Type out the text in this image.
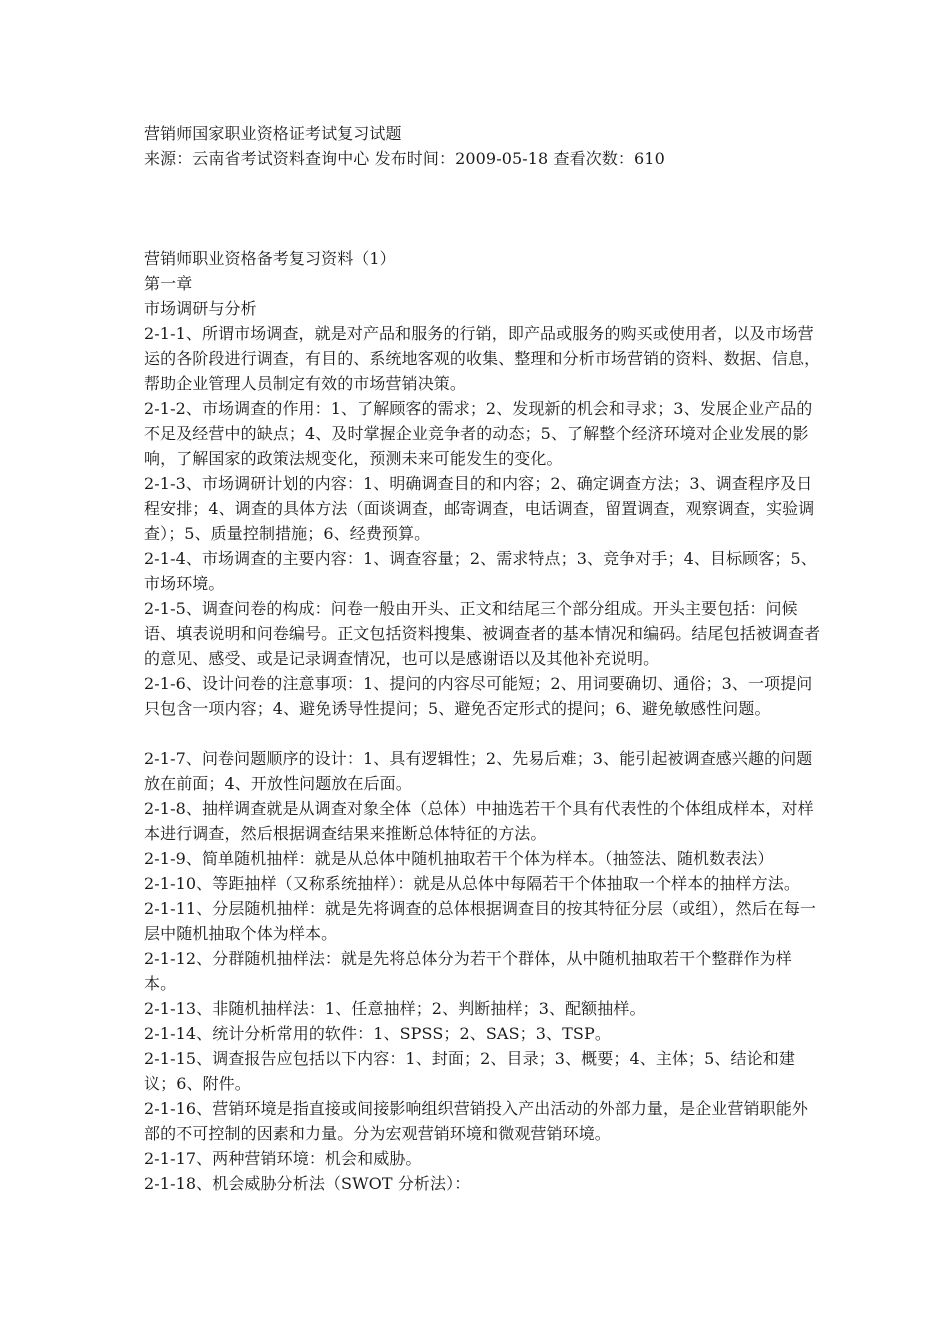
营销师国家职业资格证考试复习试题

来源：云南省考试资料查询中心 发布时间：2009-05-18 查看次数：610

营销师职业资格备考复习资料（1）

第一章

市场调研与分析

2-1-1、所谓市场调查，就是对产品和服务的行销，即产品或服务的购买或使用者，以及市场营运的各阶段进行调查，有目的、系统地客观的收集、整理和分析市场营销的资料、数据、信息，帮助企业管理人员制定有效的市场营销决策。

2-1-2、市场调查的作用：1、了解顾客的需求；2、发现新的机会和寻求；3、发展企业产品的不足及经营中的缺点；4、及时掌握企业竞争者的动态；5、了解整个经济环境对企业发展的影响，了解国家的政策法规变化，预测未来可能发生的变化。

2-1-3、市场调研计划的内容：1、明确调查目的和内容；2、确定调查方法；3、调查程序及日程安排；4、调查的具体方法（面谈调查，邮寄调查，电话调查，留置调查，观察调查，实验调查）；5、质量控制措施；6、经费预算。

2-1-4、市场调查的主要内容：1、调查容量；2、需求特点；3、竞争对手；4、目标顾客；5、市场环境。

2-1-5、调查问卷的构成：问卷一般由开头、正文和结尾三个部分组成。开头主要包括：问候语、填表说明和问卷编号。正文包括资料搜集、被调查者的基本情况和编码。结尾包括被调查者的意见、感受、或是记录调查情况，也可以是感谢语以及其他补充说明。

2-1-6、设计问卷的注意事项：1、提问的内容尽可能短；2、用词要确切、通俗；3、一项提问只包含一项内容；4、避免诱导性提问；5、避免否定形式的提问；6、避免敏感性问题。

2-1-7、问卷问题顺序的设计：1、具有逻辑性；2、先易后难；3、能引起被调查感兴趣的问题放在前面；4、开放性问题放在后面。

2-1-8、抽样调查就是从调查对象全体（总体）中抽选若干个具有代表性的个体组成样本，对样本进行调查，然后根据调查结果来推断总体特征的方法。

2-1-9、简单随机抽样：就是从总体中随机抽取若干个体为样本。（抽签法、随机数表法）

2-1-10、等距抽样（又称系统抽样）：就是从总体中每隔若干个体抽取一个样本的抽样方法。

2-1-11、分层随机抽样：就是先将调查的总体根据调查目的按其特征分层（或组），然后在每一层中随机抽取个体为样本。

2-1-12、分群随机抽样法：就是先将总体分为若干个群体，从中随机抽取若干个整群作为样本。

2-1-13、非随机抽样法：1、任意抽样；2、判断抽样；3、配额抽样。

2-1-14、统计分析常用的软件：1、SPSS；2、SAS；3、TSP。

2-1-15、调查报告应包括以下内容：1、封面；2、目录；3、概要；4、主体；5、结论和建议；6、附件。

2-1-16、营销环境是指直接或间接影响组织营销投入产出活动的外部力量，是企业营销职能外部的不可控制的因素和力量。分为宏观营销环境和微观营销环境。

2-1-17、两种营销环境：机会和威胁。

2-1-18、机会威胁分析法（SWOT 分析法）：
